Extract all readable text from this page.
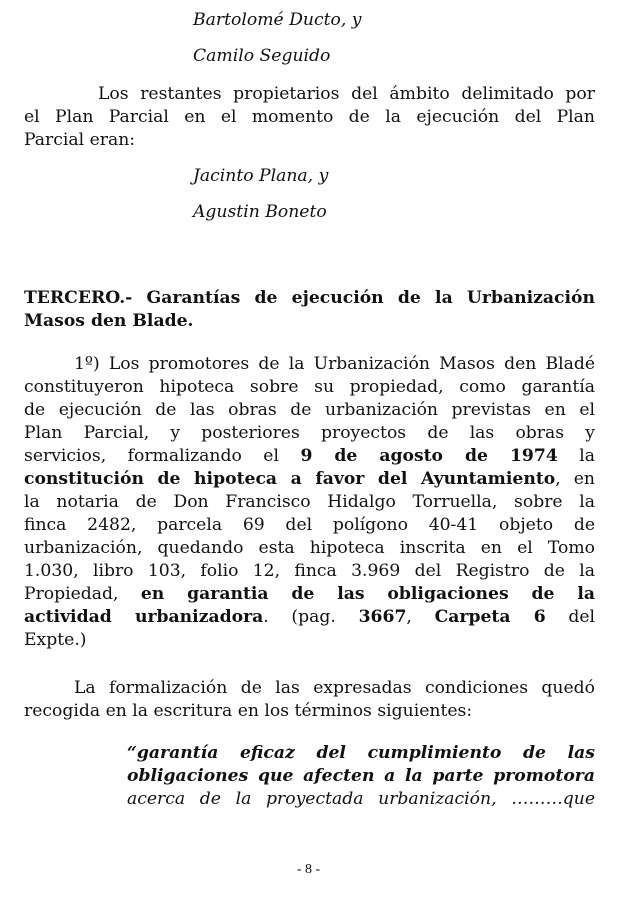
Bartolomé Ducto, y
Camilo Seguido
Los restantes propietarios del ámbito delimitado por
el Plan Parcial en el momento de la ejecución del Plan
Parcial eran:
Jacinto Plana, y
Agustin Boneto
TERCERO.- Garantías de ejecución de la Urbanización
Masos den Blade.
1º) Los promotores de la Urbanización Masos den Bladé
constituyeron hipoteca sobre su propiedad, como garantía
de ejecución de las obras de urbanización previstas en el
Plan Parcial, y posteriores proyectos de las obras y
servicios, formalizando el 9 de agosto de 1974 la
constitución de hipoteca a favor del Ayuntamiento, en
la notaria de Don Francisco Hidalgo Torruella, sobre la
finca 2482, parcela 69 del polígono 40-41 objeto de
urbanización, quedando esta hipoteca inscrita en el Tomo
1.030, libro 103, folio 12, finca 3.969 del Registro de la
Propiedad, en garantia de las obligaciones de la
actividad urbanizadora. (pag. 3667, Carpeta 6 del
Expte.)
La formalización de las expresadas condiciones quedó
recogida en la escritura en los términos siguientes:
“garantía eficaz del cumplimiento de las
obligaciones que afecten a la parte promotora
acerca de la proyectada urbanización, ………que
- 8 -
